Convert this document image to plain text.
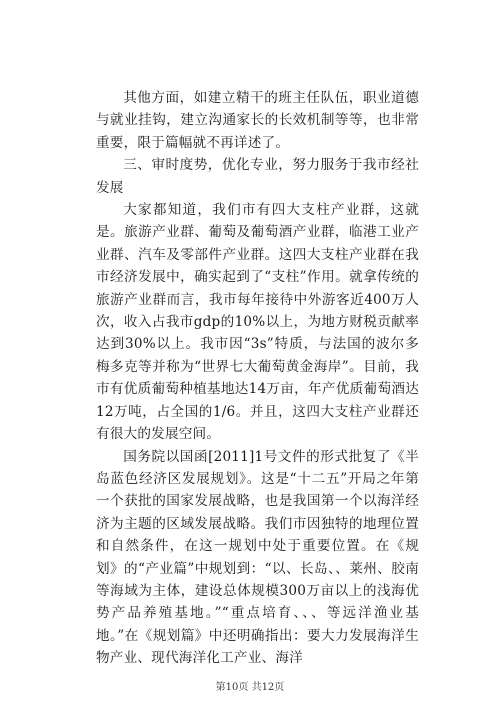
其他方面，如建立精干的班主任队伍，职业道德与就业挂钩，建立沟通家长的长效机制等等，也非常重要，限于篇幅就不再详述了。

三、审时度势，优化专业，努力服务于我市经社发展

大家都知道，我们市有四大支柱产业群，这就是。旅游产业群、葡萄及葡萄酒产业群，临港工业产业群、汽车及零部件产业群。这四大支柱产业群在我市经济发展中，确实起到了“支柱”作用。就拿传统的旅游产业群而言，我市每年接待中外游客近400万人次，收入占我市gdp的10%以上，为地方财税贡献率达到30%以上。我市因“3s”特质，与法国的波尔多梅多克等并称为“世界七大葡萄黄金海岸”。目前，我市有优质葡萄种植基地达14万亩，年产优质葡萄酒达12万吨，占全国的1/6。并且，这四大支柱产业群还有很大的发展空间。

国务院以国函[2011]1号文件的形式批复了《半岛蓝色经济区发展规划》。这是“十二五”开局之年第一个获批的国家发展战略，也是我国第一个以海洋经济为主题的区域发展战略。我们市因独特的地理位置和自然条件，在这一规划中处于重要位置。在《规划》的“产业篇”中规划到：“以、长岛、、莱州、胶南等海域为主体，建设总体规模300万亩以上的浅海优势产品养殖基地。”“重点培育、、、等远洋渔业基地。”在《规划篇》中还明确指出：要大力发展海洋生物产业、现代海洋化工产业、海洋

第10页 共12页
